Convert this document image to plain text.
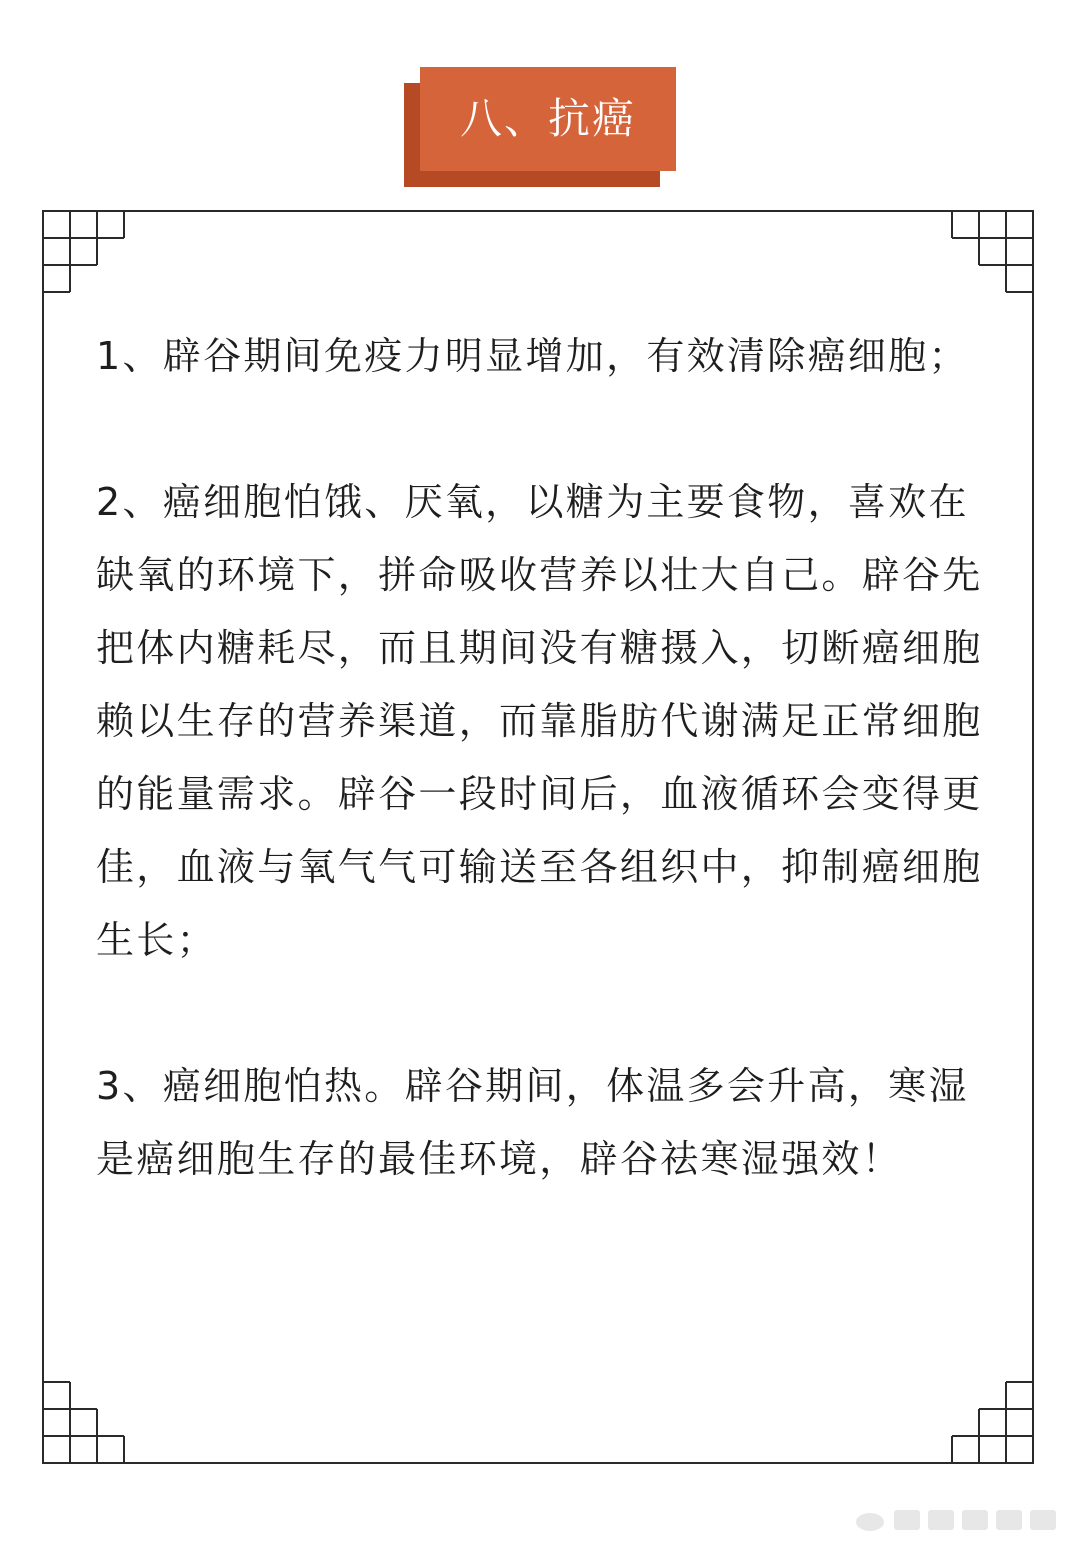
八、抗癌

1、辟谷期间免疫力明显增加，有效清除癌细胞；

2、癌细胞怕饿、厌氧，以糖为主要食物，喜欢在缺氧的环境下，拼命吸收营养以壮大自己。辟谷先把体内糖耗尽，而且期间没有糖摄入，切断癌细胞赖以生存的营养渠道，而靠脂肪代谢满足正常细胞的能量需求。辟谷一段时间后，血液循环会变得更佳，血液与氧气气可输送至各组织中，抑制癌细胞生长；

3、癌细胞怕热。辟谷期间，体温多会升高，寒湿是癌细胞生存的最佳环境，辟谷祛寒湿强效！
